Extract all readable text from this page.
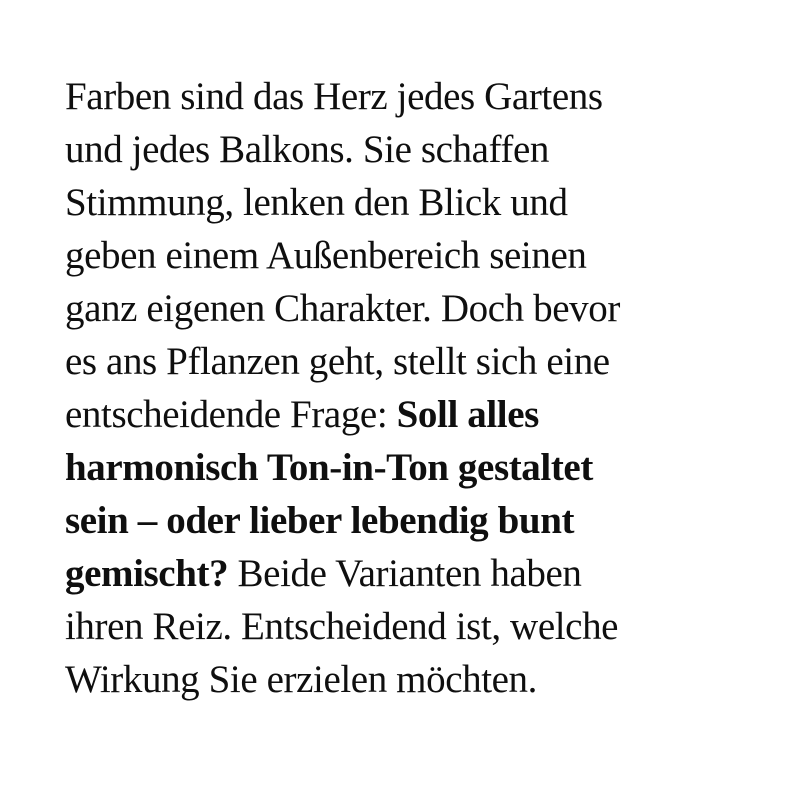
Farben sind das Herz jedes Gartens
und jedes Balkons. Sie schaffen
Stimmung, lenken den Blick und
geben einem Außenbereich seinen
ganz eigenen Charakter. Doch bevor
es ans Pflanzen geht, stellt sich eine
entscheidende Frage: Soll alles
harmonisch Ton-in-Ton gestaltet
sein – oder lieber lebendig bunt
gemischt? Beide Varianten haben
ihren Reiz. Entscheidend ist, welche
Wirkung Sie erzielen möchten.
